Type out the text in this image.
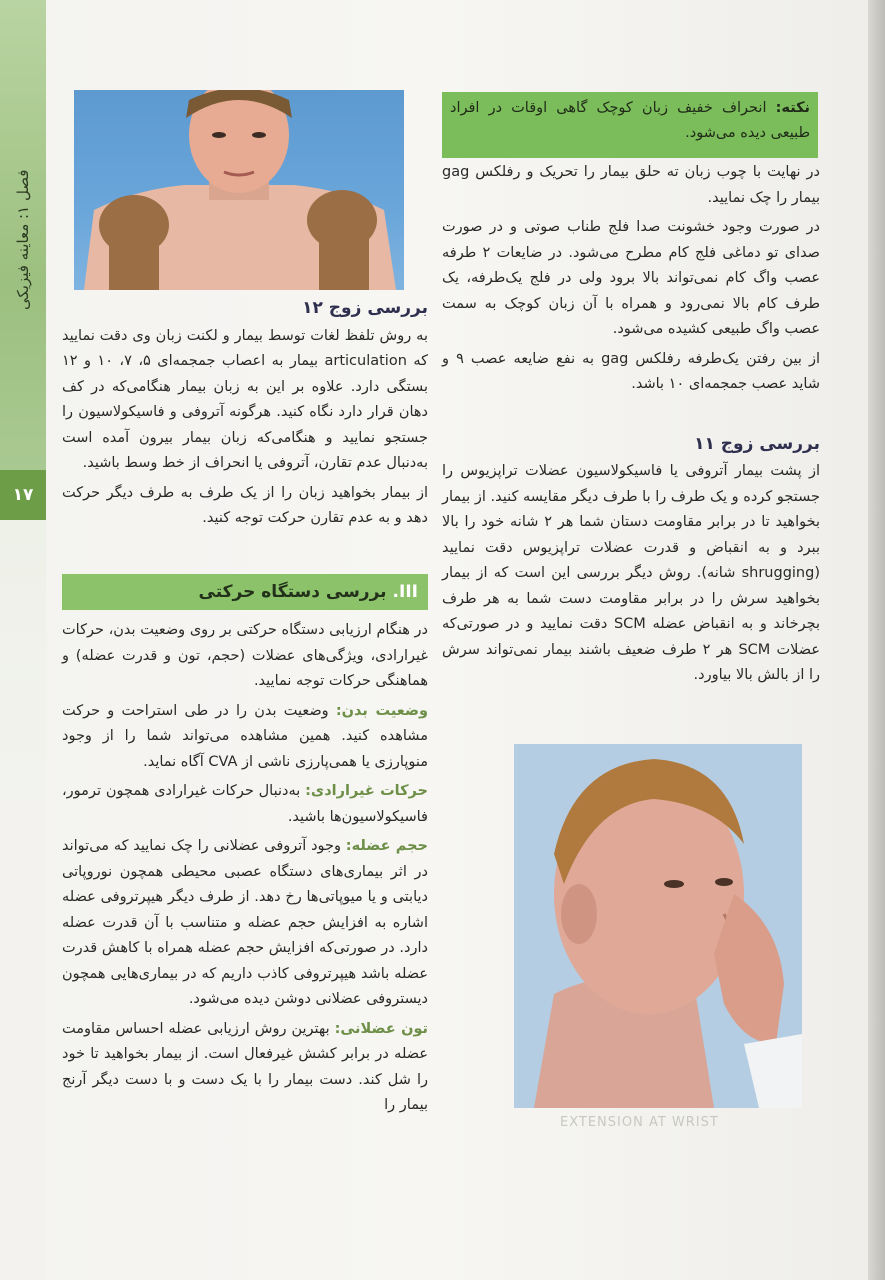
فصل ۱: معاینه فیزیکی
۱۷
نکته: انحراف خفیف زبان کوچک گاهی اوقات در افراد طبیعی دیده می‌شود.

در نهایت با چوب زبان ته حلق بیمار را تحریک و رفلکس gag بیمار را چک نمایید.

در صورت وجود خشونت صدا فلج طناب صوتی و در صورت صدای تو دماغی فلج کام مطرح می‌شود. در ضایعات ۲ طرفه عصب واگ کام نمی‌تواند بالا برود ولی در فلج یک‌طرفه، یک طرف کام بالا نمی‌رود و همراه با آن زبان کوچک به سمت عصب واگ طبیعی کشیده می‌شود.

از بین رفتن یک‌طرفه رفلکس gag به نفع ضایعه عصب ۹ و شاید عصب جمجمه‌ای ۱۰ باشد.

بررسی زوج ۱۱

از پشت بیمار آتروفی یا فاسیکولاسیون عضلات تراپزیوس را جستجو کرده و یک طرف را با طرف دیگر مقایسه کنید. از بیمار بخواهید تا در برابر مقاومت دستان شما هر ۲ شانه خود را بالا ببرد و به انقباض و قدرت عضلات تراپزیوس دقت نمایید (shrugging شانه). روش دیگر بررسی این است که از بیمار بخواهید سرش را در برابر مقاومت دست شما به هر طرف بچرخاند و به انقباض عضله SCM دقت نمایید و در صورتی‌که عضلات SCM هر ۲ طرف ضعیف باشند بیمار نمی‌تواند سرش را از بالش بالا بیاورد.

EXTENSION AT WRIST
بررسی زوج ۱۲

به روش تلفظ لغات توسط بیمار و لکنت زبان وی دقت نمایید که articulation بیمار به اعصاب جمجمه‌ای ۵، ۷، ۱۰ و ۱۲ بستگی دارد. علاوه بر این به زبان بیمار هنگامی‌که در کف دهان قرار دارد نگاه کنید. هرگونه آتروفی و فاسیکولاسیون را جستجو نمایید و هنگامی‌که زبان بیمار بیرون آمده است به‌دنبال عدم تقارن، آتروفی یا انحراف از خط وسط باشید.

از بیمار بخواهید زبان را از یک طرف به طرف دیگر حرکت دهد و به عدم تقارن حرکت توجه کنید.

III.بررسی دستگاه حرکتی

در هنگام ارزیابی دستگاه حرکتی بر روی وضعیت بدن، حرکات غیرارادی، ویژگی‌های عضلات (حجم، تون و قدرت عضله) و هماهنگی حرکات توجه نمایید.

وضعیت بدن: وضعیت بدن را در طی استراحت و حرکت مشاهده کنید. همین مشاهده می‌تواند شما را از وجود منوپارزی یا همی‌پارزی ناشی از CVA آگاه نماید.

حرکات غیرارادی: به‌دنبال حرکات غیرارادی همچون ترمور، فاسیکولاسیون‌ها باشید.

حجم عضله: وجود آتروفی عضلانی را چک نمایید که می‌تواند در اثر بیماری‌های دستگاه عصبی محیطی همچون نوروپاتی دیابتی و یا میوپاتی‌ها رخ دهد. از طرف دیگر هیپرتروفی عضله اشاره به افزایش حجم عضله و متناسب با آن قدرت عضله دارد. در صورتی‌که افزایش حجم عضله همراه با کاهش قدرت عضله باشد هیپرتروفی کاذب داریم که در بیماری‌هایی همچون دیستروفی عضلانی دوشن دیده می‌شود.

تون عضلانی: بهترین روش ارزیابی عضله احساس مقاومت عضله در برابر کشش غیرفعال است. از بیمار بخواهید تا خود را شل کند. دست بیمار را با یک دست و با دست دیگر آرنج بیمار را
